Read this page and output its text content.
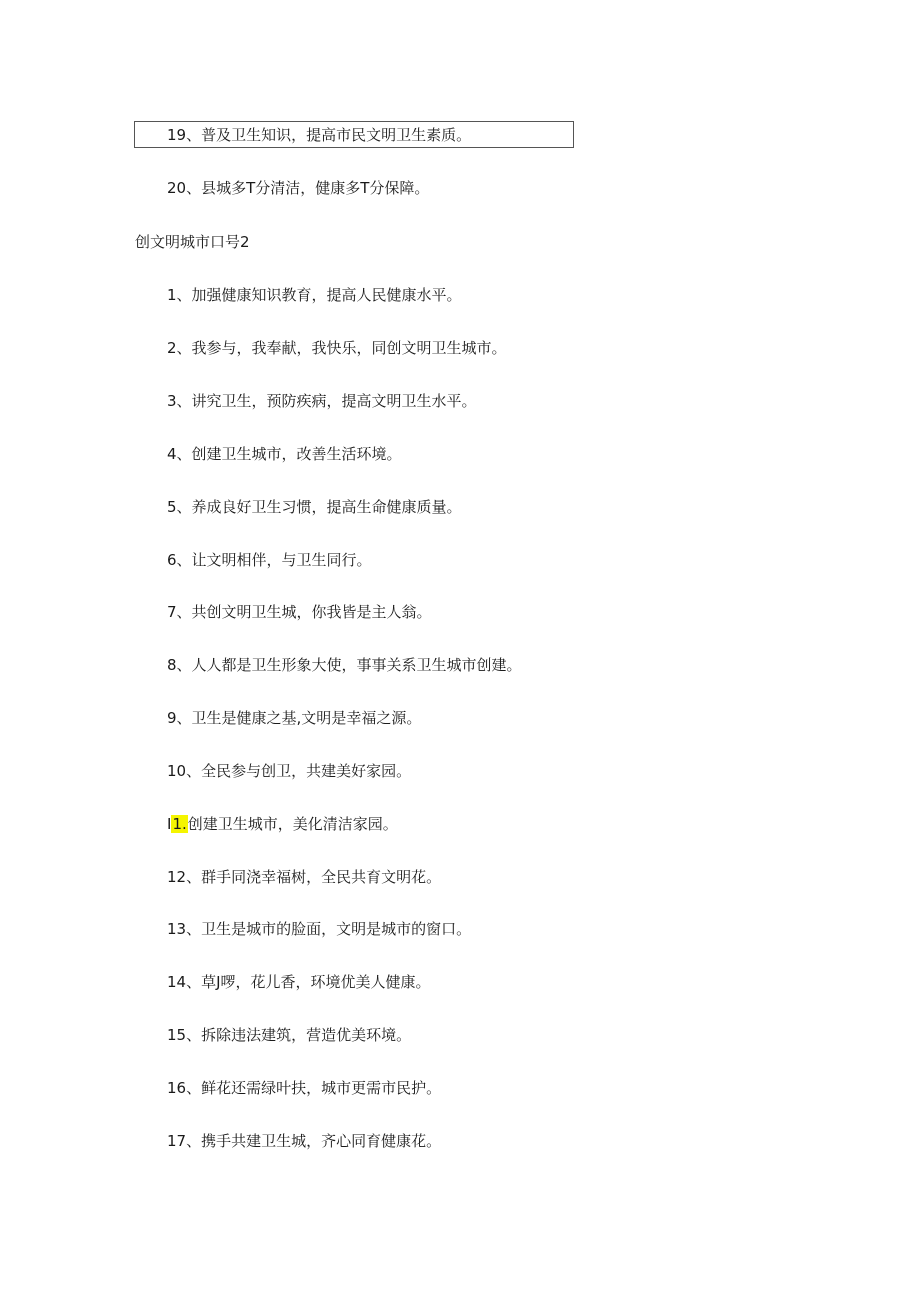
19、普及卫生知识，提高市民文明卫生素质。
20、县城多T分清洁，健康多T分保障。
创文明城市口号2
1、加强健康知识教育，提高人民健康水平。
2、我参与，我奉献，我快乐，同创文明卫生城市。
3、讲究卫生，预防疾病，提高文明卫生水平。
4、创建卫生城市，改善生活环境。
5、养成良好卫生习惯，提高生命健康质量。
6、让文明相伴，与卫生同行。
7、共创文明卫生城，你我皆是主人翁。
8、人人都是卫生形象大使，事事关系卫生城市创建。
9、卫生是健康之基,文明是幸福之源。
10、全民参与创卫，共建美好家园。
I1.创建卫生城市，美化清洁家园。
12、群手同浇幸福树，全民共育文明花。
13、卫生是城市的脸面，文明是城市的窗口。
14、草J啰，花儿香，环境优美人健康。
15、拆除违法建筑，营造优美环境。
16、鲜花还需绿叶扶，城市更需市民护。
17、携手共建卫生城，齐心同育健康花。
